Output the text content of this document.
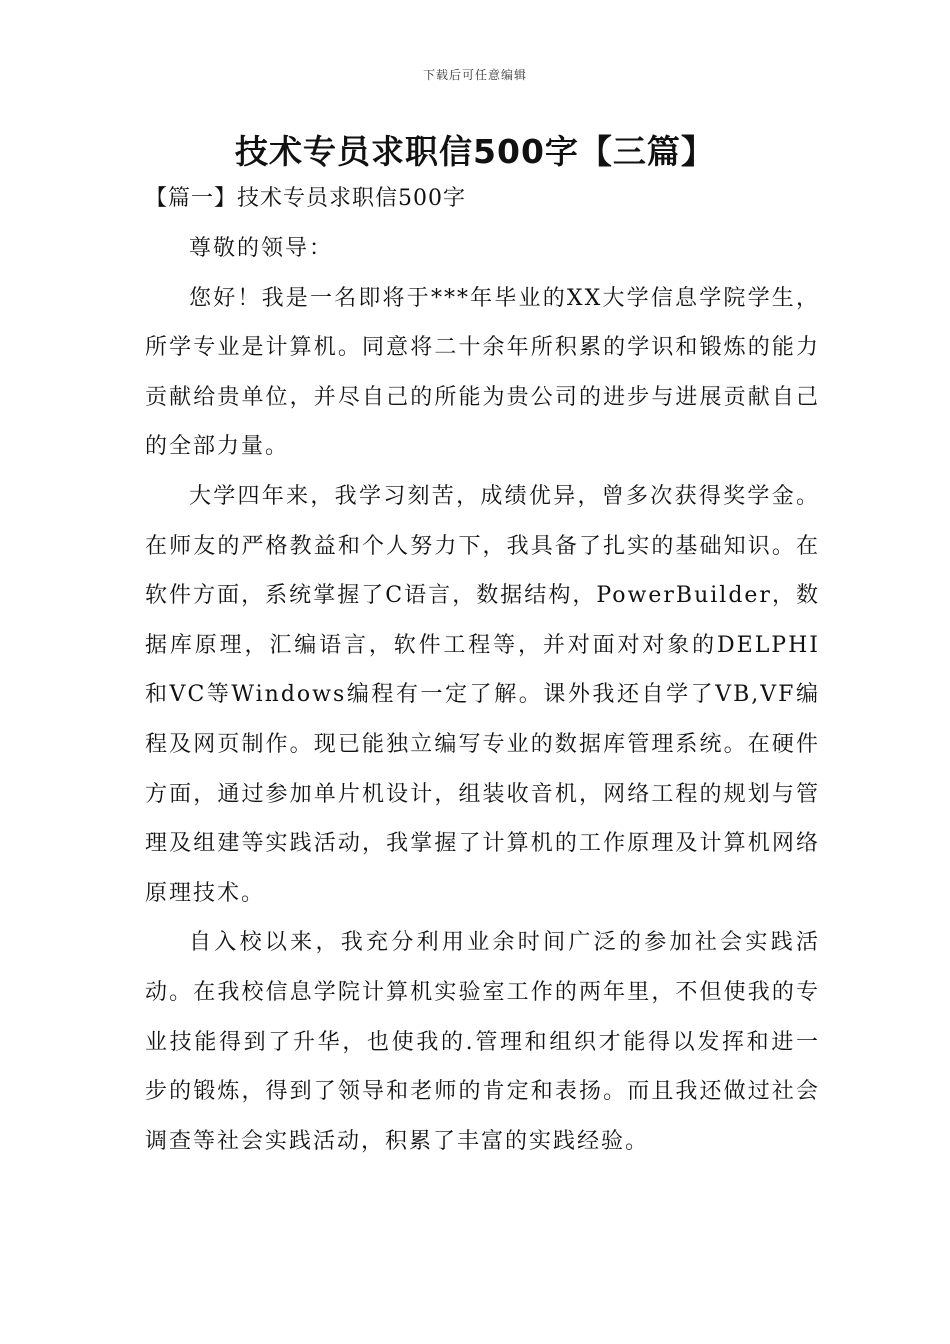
下载后可任意编辑
技术专员求职信500字【三篇】
【篇一】技术专员求职信500字

尊敬的领导：

您好！我是一名即将于***年毕业的XX大学信息学院学生，所学专业是计算机。同意将二十余年所积累的学识和锻炼的能力贡献给贵单位，并尽自己的所能为贵公司的进步与进展贡献自己的全部力量。

大学四年来，我学习刻苦，成绩优异，曾多次获得奖学金。在师友的严格教益和个人努力下，我具备了扎实的基础知识。在软件方面，系统掌握了C语言，数据结构，PowerBuilder，数据库原理，汇编语言，软件工程等，并对面对对象的DELPHI和VC等Windows编程有一定了解。课外我还自学了VB,VF编程及网页制作。现已能独立编写专业的数据库管理系统。在硬件方面，通过参加单片机设计，组装收音机，网络工程的规划与管理及组建等实践活动，我掌握了计算机的工作原理及计算机网络原理技术。

自入校以来，我充分利用业余时间广泛的参加社会实践活动。在我校信息学院计算机实验室工作的两年里，不但使我的专业技能得到了升华，也使我的.管理和组织才能得以发挥和进一步的锻炼，得到了领导和老师的肯定和表扬。而且我还做过社会调查等社会实践活动，积累了丰富的实践经验。
